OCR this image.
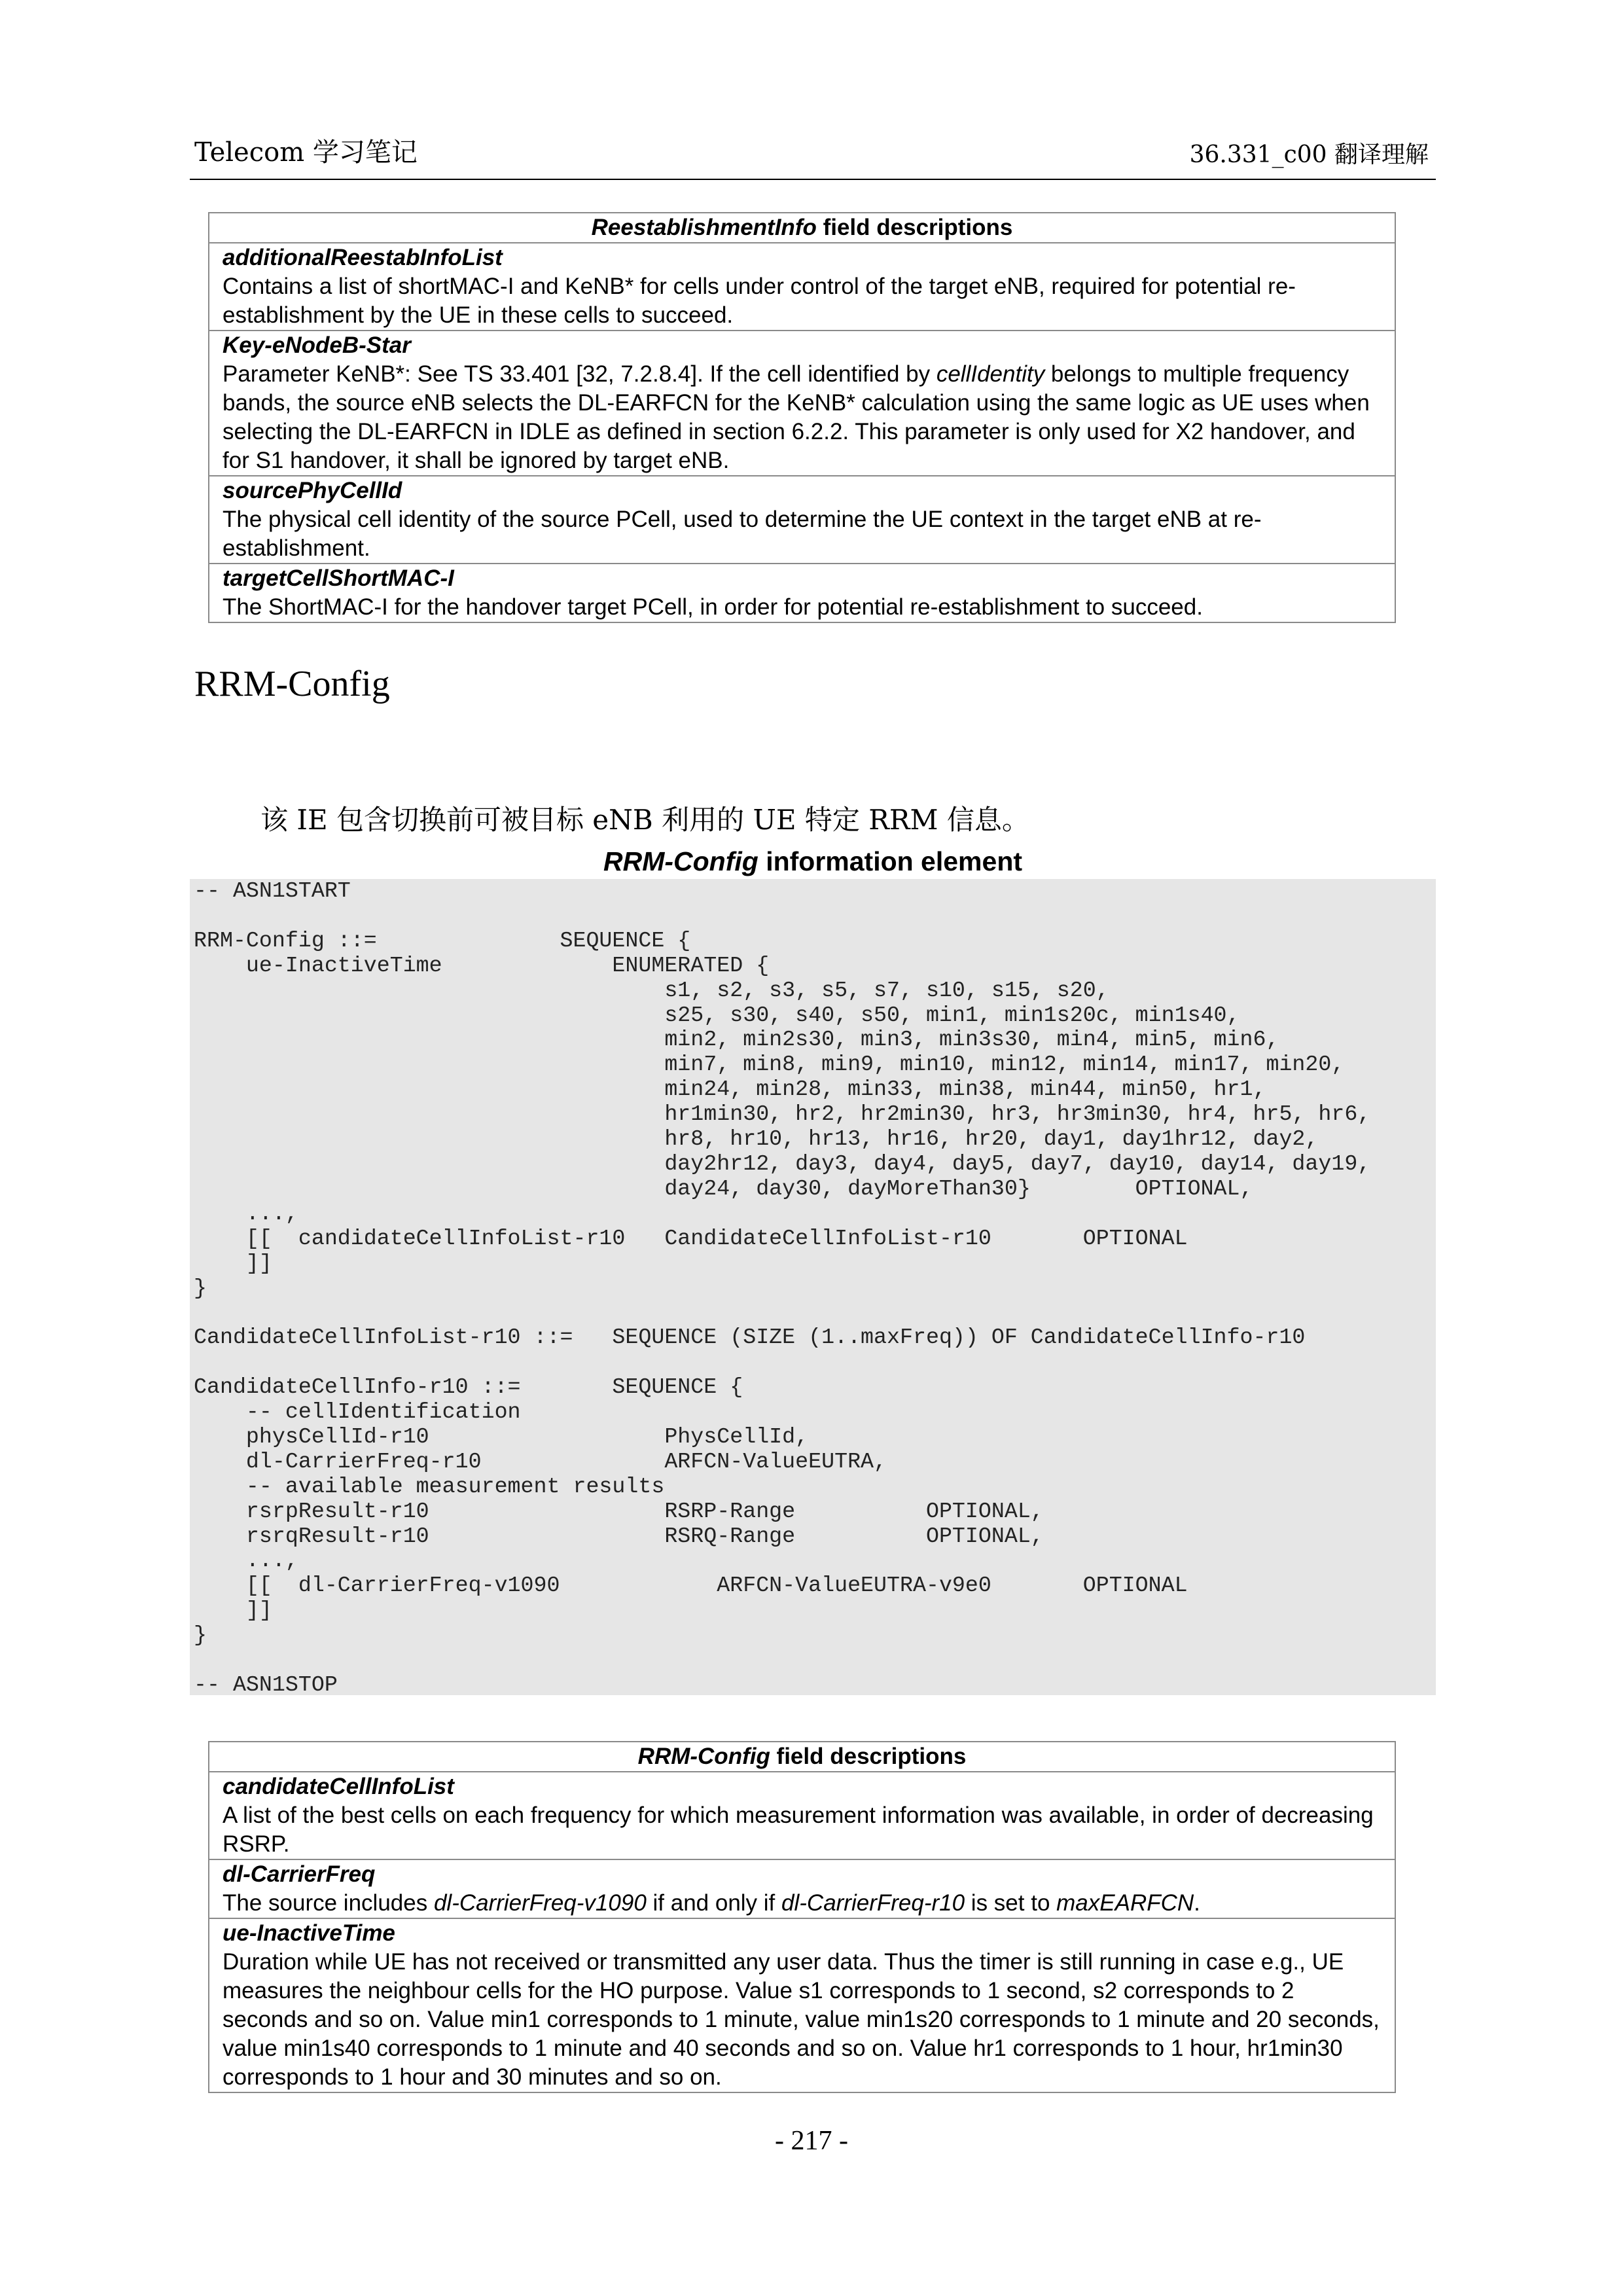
Telecom 学习笔记	36.331_c00 翻译理解
ReestablishmentInfo field descriptions

additionalReestabInfoList
Contains a list of shortMAC-I and KeNB* for cells under control of the target eNB, required for potential re-establishment by the UE in these cells to succeed.

Key-eNodeB-Star
Parameter KeNB*: See TS 33.401 [32, 7.2.8.4]. If the cell identified by cellIdentity belongs to multiple frequency bands, the source eNB selects the DL-EARFCN for the KeNB* calculation using the same logic as UE uses when selecting the DL-EARFCN in IDLE as defined in section 6.2.2. This parameter is only used for X2 handover, and for S1 handover, it shall be ignored by target eNB.

sourcePhyCellId
The physical cell identity of the source PCell, used to determine the UE context in the target eNB at re-establishment.

targetCellShortMAC-I
The ShortMAC-I for the handover target PCell, in order for potential re-establishment to succeed.
RRM-Config
该 IE 包含切换前可被目标 eNB 利用的 UE 特定 RRM 信息。
RRM-Config information element
-- ASN1START

RRM-Config ::=              SEQUENCE {
ue-InactiveTime             ENUMERATED {
s1, s2, s3, s5, s7, s10, s15, s20,
s25, s30, s40, s50, min1, min1s20c, min1s40,
min2, min2s30, min3, min3s30, min4, min5, min6,
min7, min8, min9, min10, min12, min14, min17, min20,
min24, min28, min33, min38, min44, min50, hr1,
hr1min30, hr2, hr2min30, hr3, hr3min30, hr4, hr5, hr6,
hr8, hr10, hr13, hr16, hr20, day1, day1hr12, day2,
day2hr12, day3, day4, day5, day7, day10, day14, day19,
day24, day30, dayMoreThan30}        OPTIONAL,
...,
[[  candidateCellInfoList-r10   CandidateCellInfoList-r10       OPTIONAL
]]
}

CandidateCellInfoList-r10 ::=   SEQUENCE (SIZE (1..maxFreq)) OF CandidateCellInfo-r10

CandidateCellInfo-r10 ::=       SEQUENCE {
-- cellIdentification
physCellId-r10                  PhysCellId,
dl-CarrierFreq-r10              ARFCN-ValueEUTRA,
-- available measurement results
rsrpResult-r10                  RSRP-Range          OPTIONAL,
rsrqResult-r10                  RSRQ-Range          OPTIONAL,
...,
[[  dl-CarrierFreq-v1090            ARFCN-ValueEUTRA-v9e0       OPTIONAL
]]
}

-- ASN1STOP
RRM-Config field descriptions

candidateCellInfoList
A list of the best cells on each frequency for which measurement information was available, in order of decreasing RSRP.

dl-CarrierFreq
The source includes dl-CarrierFreq-v1090 if and only if dl-CarrierFreq-r10 is set to maxEARFCN.

ue-InactiveTime
Duration while UE has not received or transmitted any user data. Thus the timer is still running in case e.g., UE measures the neighbour cells for the HO purpose. Value s1 corresponds to 1 second, s2 corresponds to 2 seconds and so on. Value min1 corresponds to 1 minute, value min1s20 corresponds to 1 minute and 20 seconds, value min1s40 corresponds to 1 minute and 40 seconds and so on. Value hr1 corresponds to 1 hour, hr1min30 corresponds to 1 hour and 30 minutes and so on.
- 217 -
